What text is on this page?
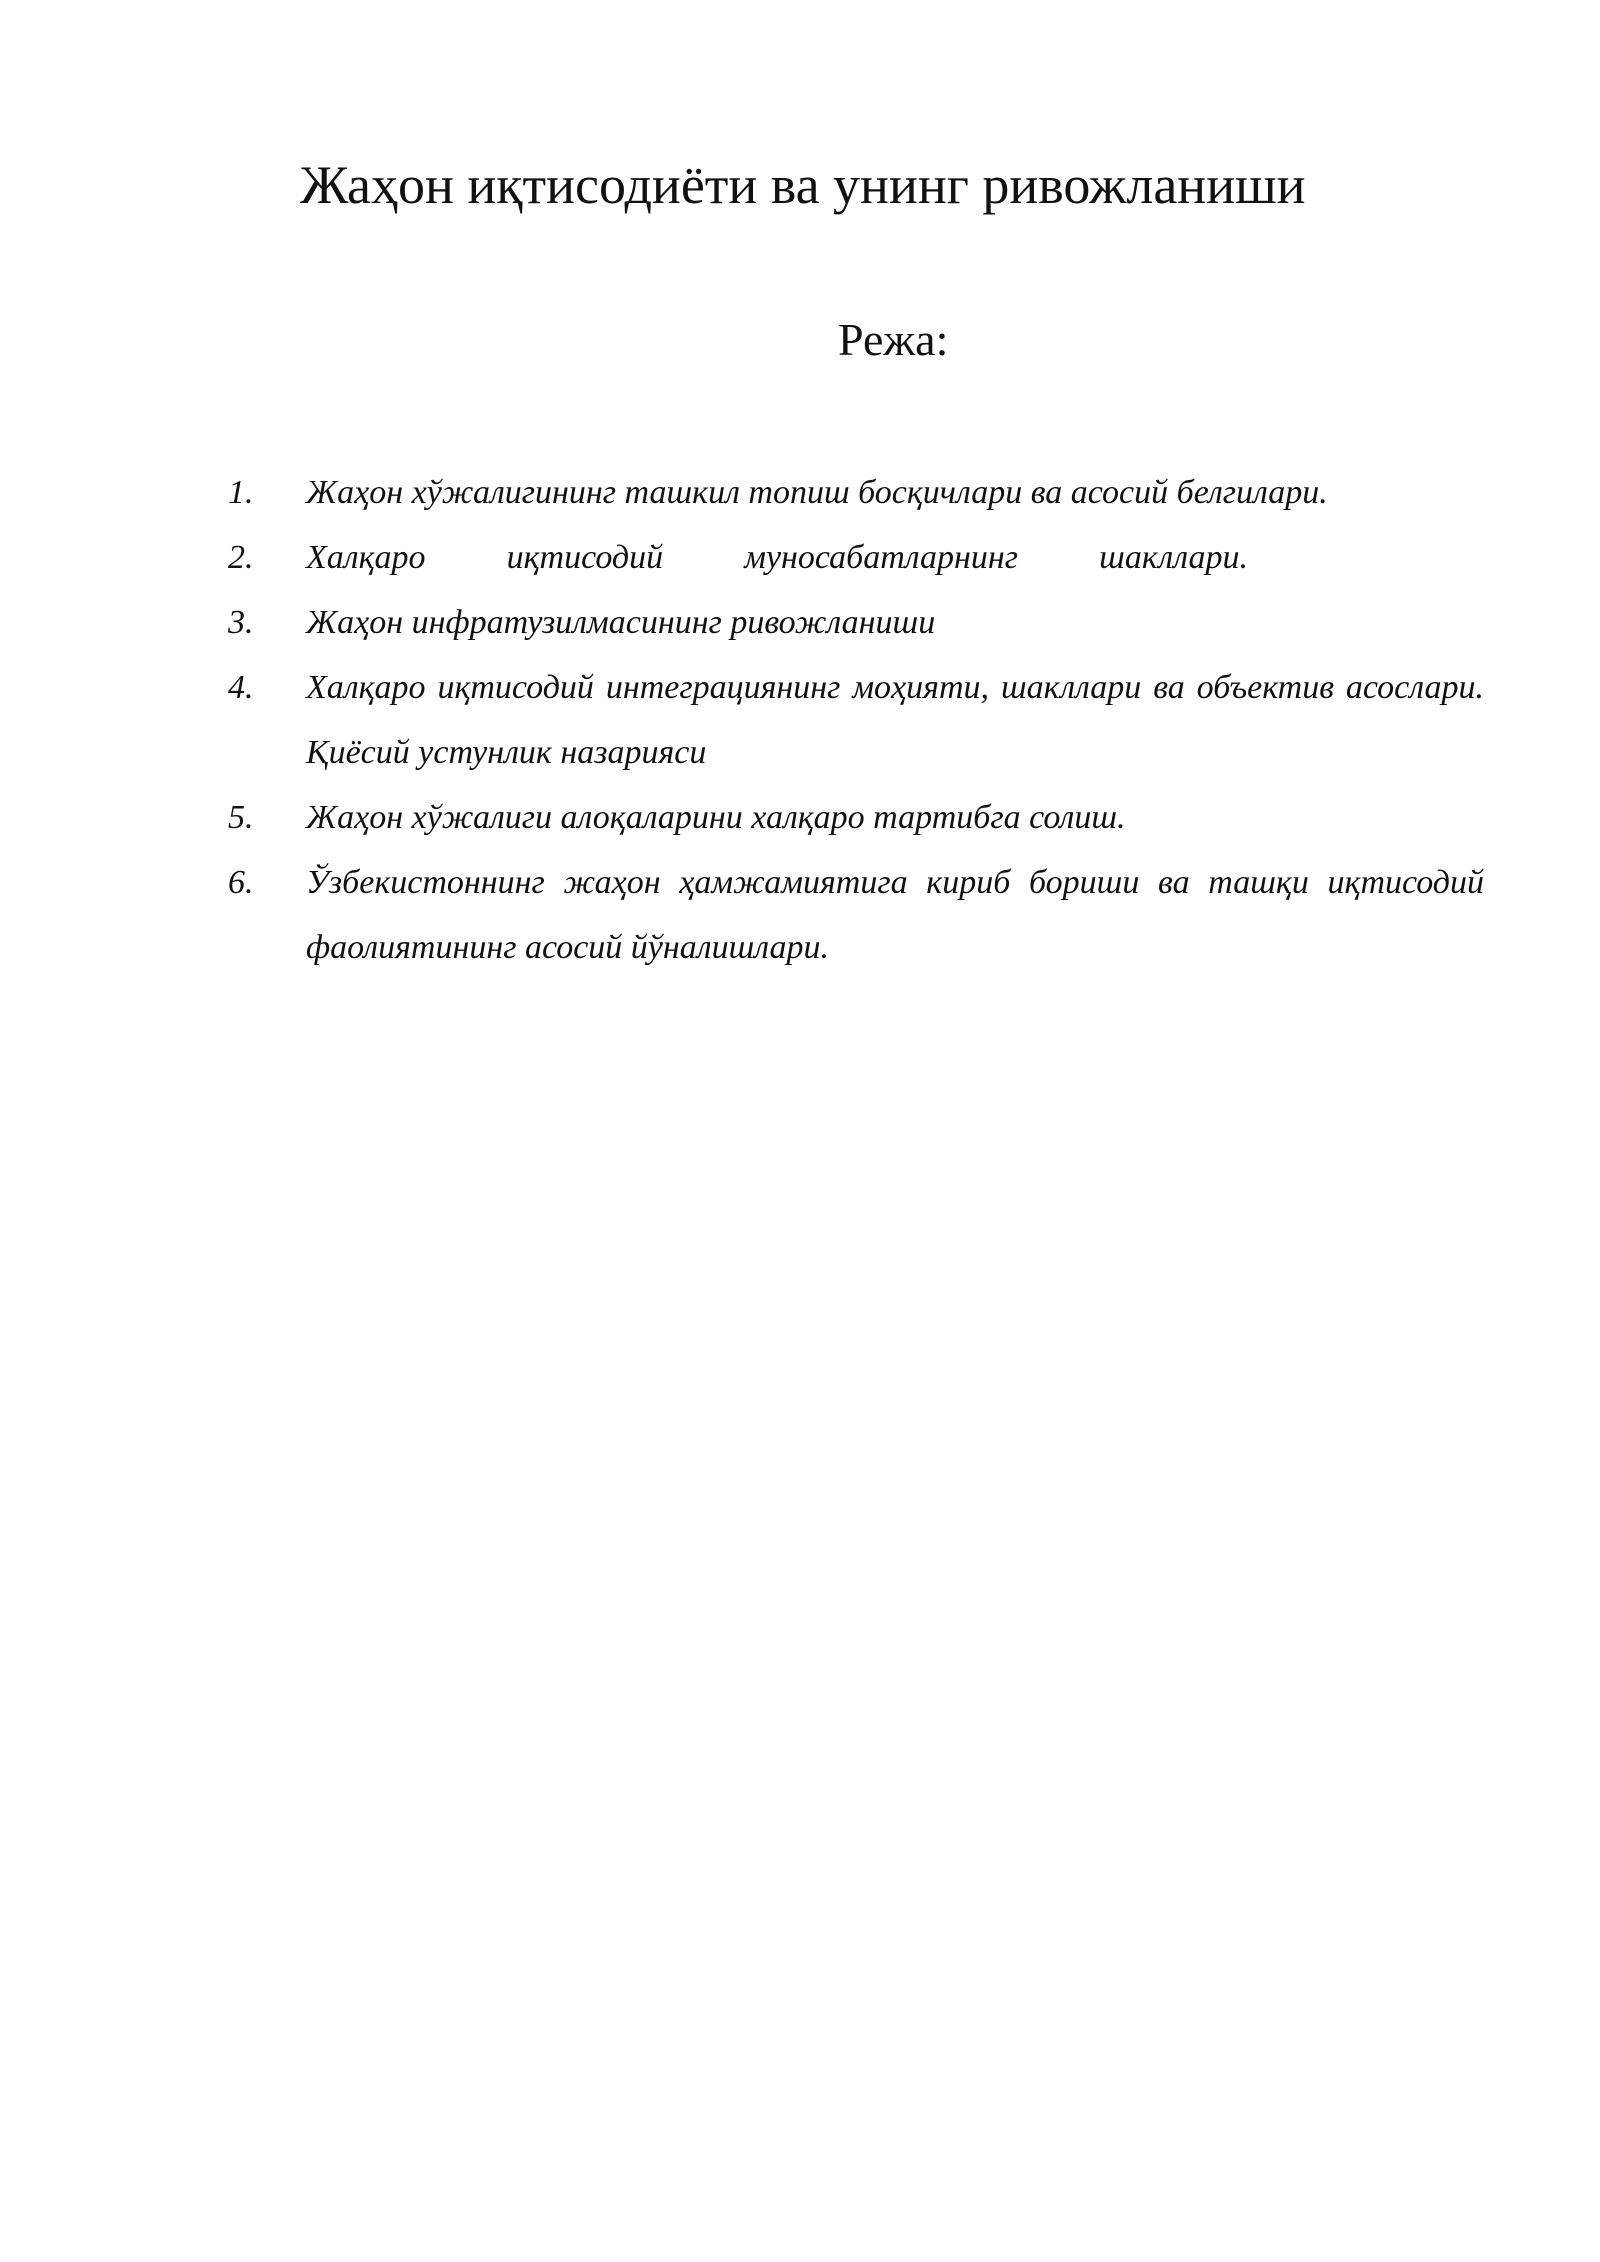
Жаҳон иқтисодиёти ва унинг ривожланиши
Режа:
1.	Жаҳон хўжалигининг ташкил топиш босқичлари ва асосий белгилари.
2.	Халқаро иқтисодий муносабатларнинг шакллари.
3.	Жаҳон инфратузилмасининг ривожланиши
4.	Халқаро иқтисодий интеграциянинг моҳияти, шакллари ва объектив асослари. Қиёсий устунлик назарияси
5.	Жаҳон хўжалиги алоқаларини халқаро тартибга солиш.
6.	Ўзбекистоннинг жаҳон ҳамжамиятига кириб бориши ва ташқи иқтисодий фаолиятининг асосий йўналишлари.
